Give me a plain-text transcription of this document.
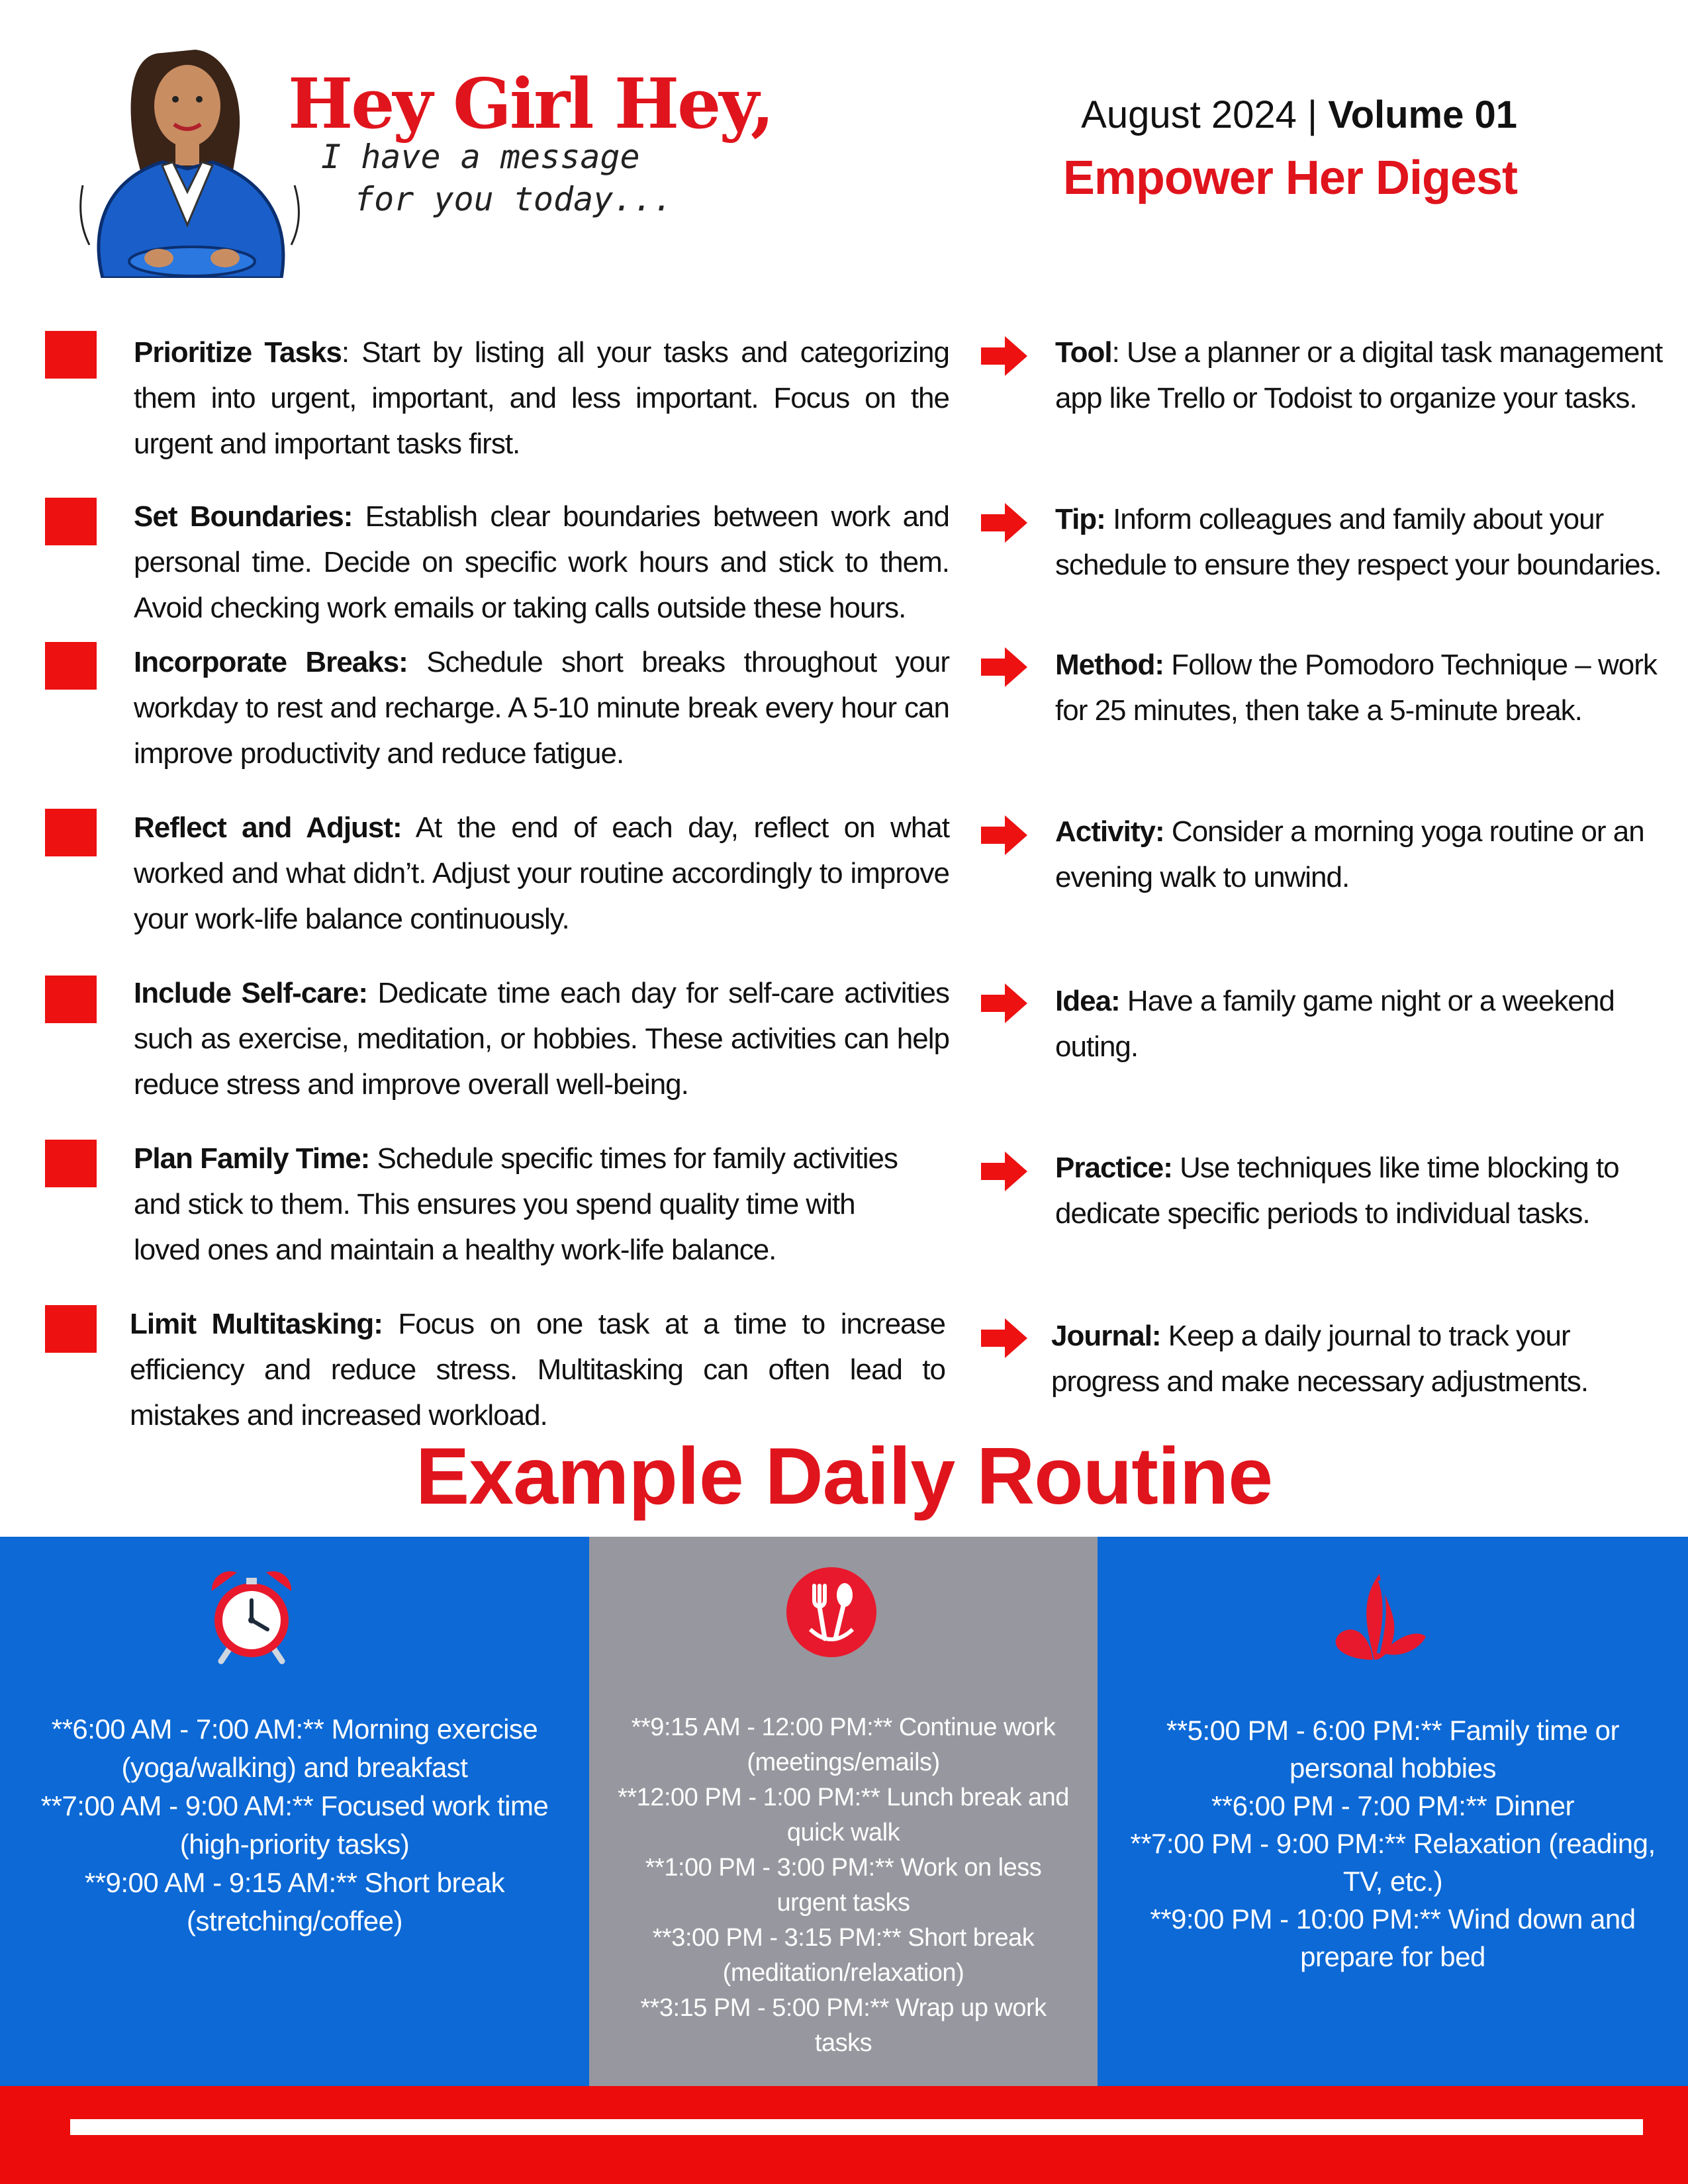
Hey Girl Hey,
I have a message
for you today...
August 2024 | Volume 01
Empower Her Digest
Prioritize Tasks: Start by listing all your tasks and categorizing them into urgent, important, and less important. Focus on the urgent and important tasks first.
Tool: Use a planner or a digital task management app like Trello or Todoist to organize your tasks.
Set Boundaries: Establish clear boundaries between work and personal time. Decide on specific work hours and stick to them. Avoid checking work emails or taking calls outside these hours.
Tip: Inform colleagues and family about your schedule to ensure they respect your boundaries.
Incorporate Breaks: Schedule short breaks throughout your workday to rest and recharge. A 5-10 minute break every hour can improve productivity and reduce fatigue.
Method: Follow the Pomodoro Technique – work for 25 minutes, then take a 5-minute break.
Reflect and Adjust: At the end of each day, reflect on what worked and what didn’t. Adjust your routine accordingly to improve your work-life balance continuously.
Activity: Consider a morning yoga routine or an evening walk to unwind.
Include Self-care: Dedicate time each day for self-care activities such as exercise, meditation, or hobbies. These activities can help reduce stress and improve overall well-being.
Idea: Have a family game night or a weekend outing.
Plan Family Time: Schedule specific times for family activities and stick to them. This ensures you spend quality time with loved ones and maintain a healthy work-life balance.
Practice: Use techniques like time blocking to dedicate specific periods to individual tasks.
Limit Multitasking: Focus on one task at a time to increase efficiency and reduce stress. Multitasking can often lead to mistakes and increased workload.
Journal: Keep a daily journal to track your progress and make necessary adjustments.
Example Daily Routine
**6:00 AM - 7:00 AM:** Morning exercise (yoga/walking) and breakfast
**7:00 AM - 9:00 AM:** Focused work time (high-priority tasks)
**9:00 AM - 9:15 AM:** Short break (stretching/coffee)
**9:15 AM - 12:00 PM:** Continue work (meetings/emails)
**12:00 PM - 1:00 PM:** Lunch break and quick walk
**1:00 PM - 3:00 PM:** Work on less urgent tasks
**3:00 PM - 3:15 PM:** Short break (meditation/relaxation)
**3:15 PM - 5:00 PM:** Wrap up work tasks
**5:00 PM - 6:00 PM:** Family time or personal hobbies
**6:00 PM - 7:00 PM:** Dinner
**7:00 PM - 9:00 PM:** Relaxation (reading, TV, etc.)
**9:00 PM - 10:00 PM:** Wind down and prepare for bed
